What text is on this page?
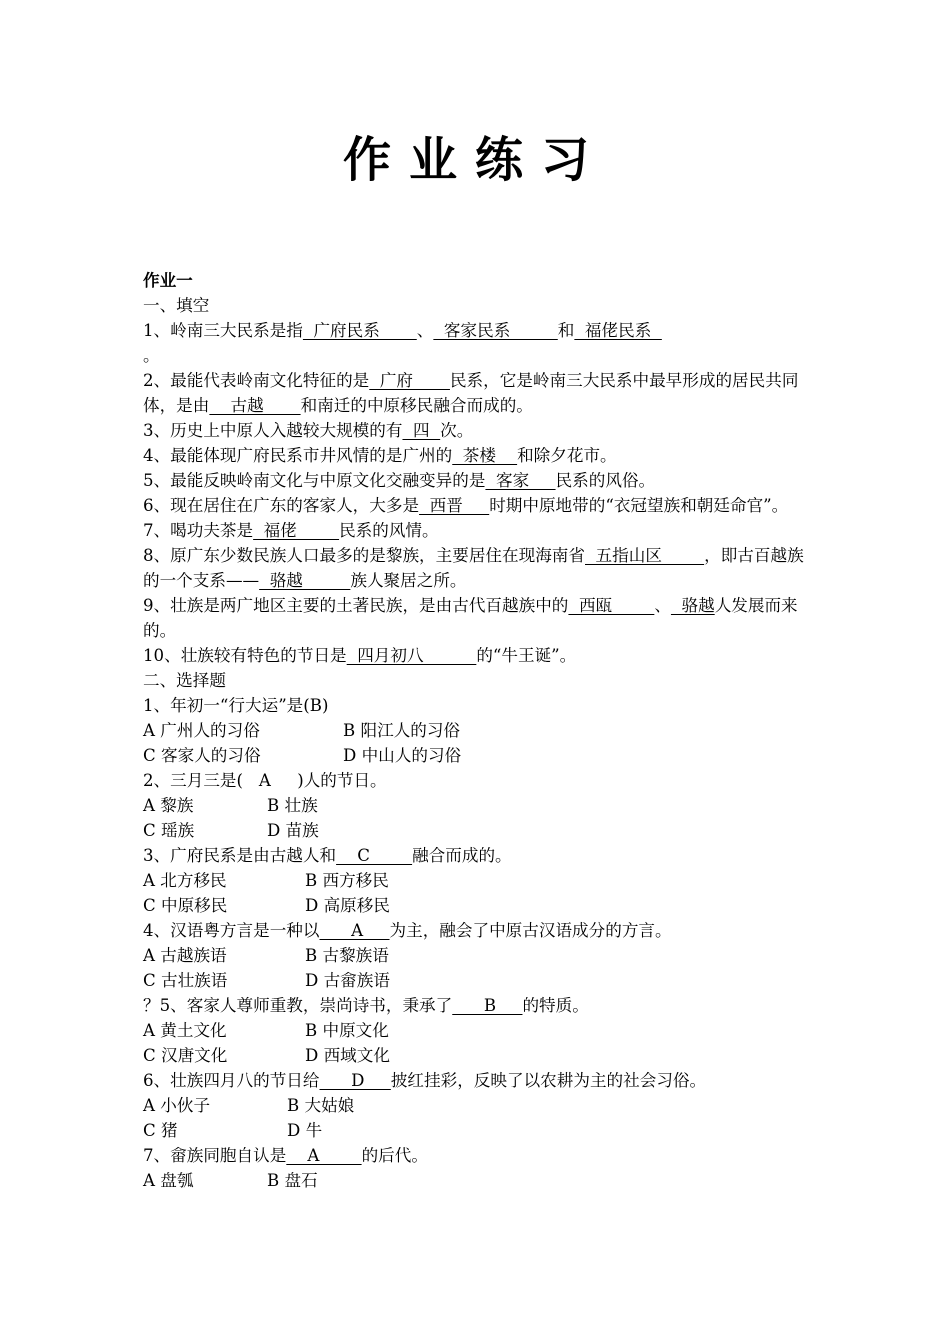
作业练习

作业一

一、填空

1、岭南三大民系是指  广府民系       、  客家民系         和  福佬民系
。

2、最能代表岭南文化特征的是  广府       民系，它是岭南三大民系中最早形成的居民共同体，是由    古越       和南迁的中原移民融合而成的。

3、历史上中原人入越较大规模的有  四  次。

4、最能体现广府民系市井风情的是广州的  茶楼    和除夕花市。

5、最能反映岭南文化与中原文化交融变异的是  客家     民系的风俗。

6、现在居住在广东的客家人，大多是  西晋     时期中原地带的“衣冠望族和朝廷命官”。

7、喝功夫茶是  福佬        民系的风情。

8、原广东少数民族人口最多的是黎族，主要居住在现海南省  五指山区        ，即古百越族的一个支系——  骆越         族人聚居之所。

9、壮族是两广地区主要的土著民族，是由古代百越族中的  西瓯        、  骆越人发展而来的。

10、壮族较有特色的节日是  四月初八          的“牛王诞”。

二、选择题

1、年初一“行大运”是(B)

A 广州人的习俗	B 阳江人的习俗

C 客家人的习俗	D 中山人的习俗

2、三月三是(   A     )人的节日。

A 黎族	B 壮族

C 瑶族	D 苗族

3、广府民系是由古越人和    C        融合而成的。

A 北方移民	B 西方移民

C 中原移民	D 高原移民

4、汉语粤方言是一种以      A     为主，融会了中原古汉语成分的方言。

A 古越族语	B 古黎族语

C 古壮族语	D 古畲族语

？5、客家人尊师重教，崇尚诗书，秉承了      B     的特质。

A 黄土文化	B 中原文化

C 汉唐文化	D 西域文化

6、壮族四月八的节日给      D     披红挂彩，反映了以农耕为主的社会习俗。

A 小伙子	B 大姑娘

C 猪	D 牛

7、畲族同胞自认是    A        的后代。

A 盘瓠	B 盘石
